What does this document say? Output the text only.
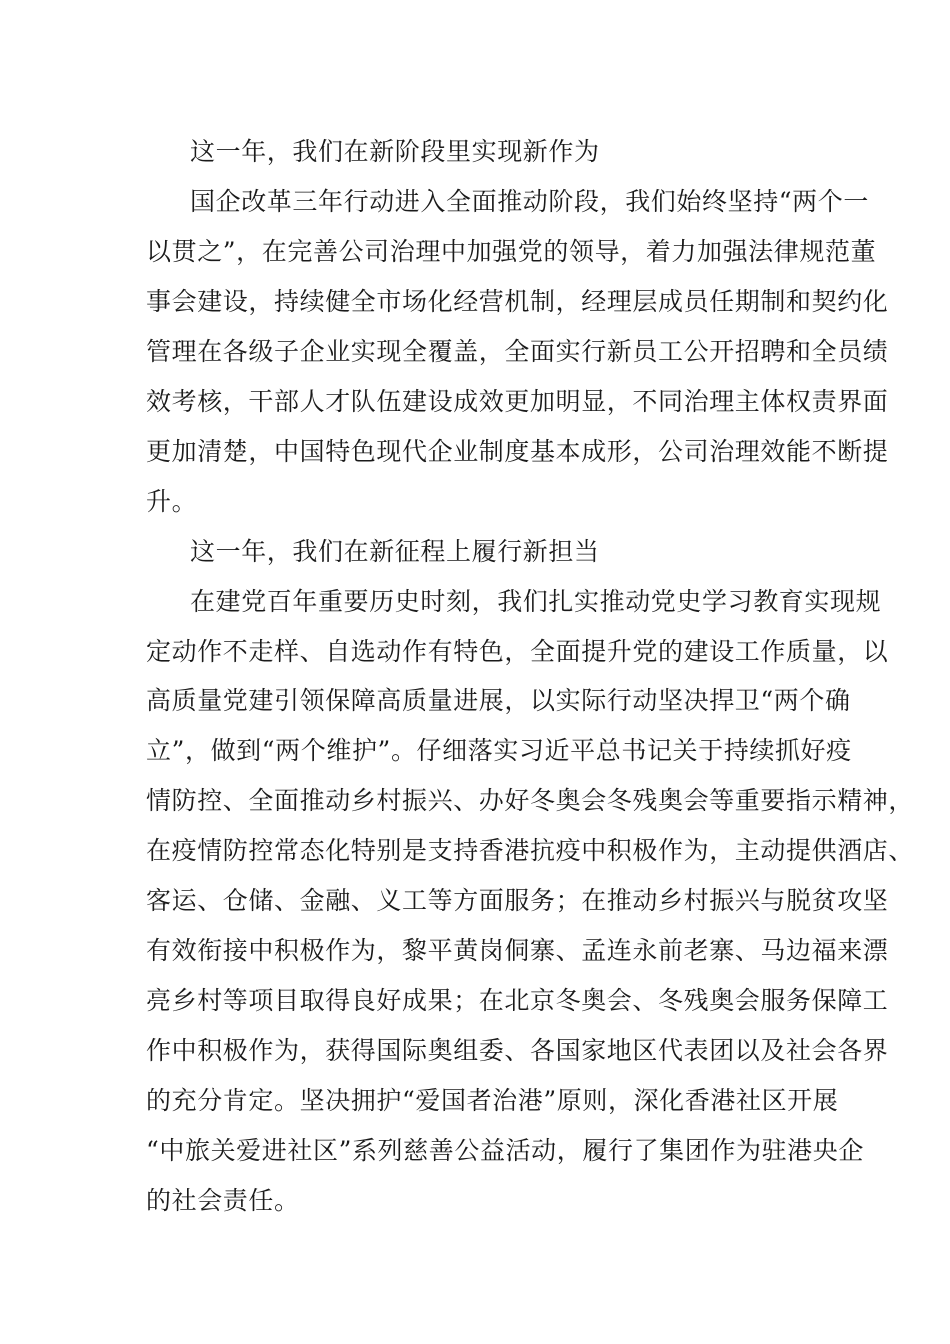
这一年，我们在新阶段里实现新作为
国企改革三年行动进入全面推动阶段，我们始终坚持“两个一
以贯之”，在完善公司治理中加强党的领导，着力加强法律规范董
事会建设，持续健全市场化经营机制，经理层成员任期制和契约化
管理在各级子企业实现全覆盖，全面实行新员工公开招聘和全员绩
效考核，干部人才队伍建设成效更加明显，不同治理主体权责界面
更加清楚，中国特色现代企业制度基本成形，公司治理效能不断提
升。
这一年，我们在新征程上履行新担当
在建党百年重要历史时刻，我们扎实推动党史学习教育实现规
定动作不走样、自选动作有特色，全面提升党的建设工作质量，以
高质量党建引领保障高质量进展，以实际行动坚决捍卫“两个确
立”，做到“两个维护”。仔细落实习近平总书记关于持续抓好疫
情防控、全面推动乡村振兴、办好冬奥会冬残奥会等重要指示精神，
在疫情防控常态化特别是支持香港抗疫中积极作为，主动提供酒店、
客运、仓储、金融、义工等方面服务；在推动乡村振兴与脱贫攻坚
有效衔接中积极作为，黎平黄岗侗寨、孟连永前老寨、马边福来漂
亮乡村等项目取得良好成果；在北京冬奥会、冬残奥会服务保障工
作中积极作为，获得国际奥组委、各国家地区代表团以及社会各界
的充分肯定。坚决拥护“爱国者治港”原则，深化香港社区开展
“中旅关爱进社区”系列慈善公益活动，履行了集团作为驻港央企
的社会责任。
